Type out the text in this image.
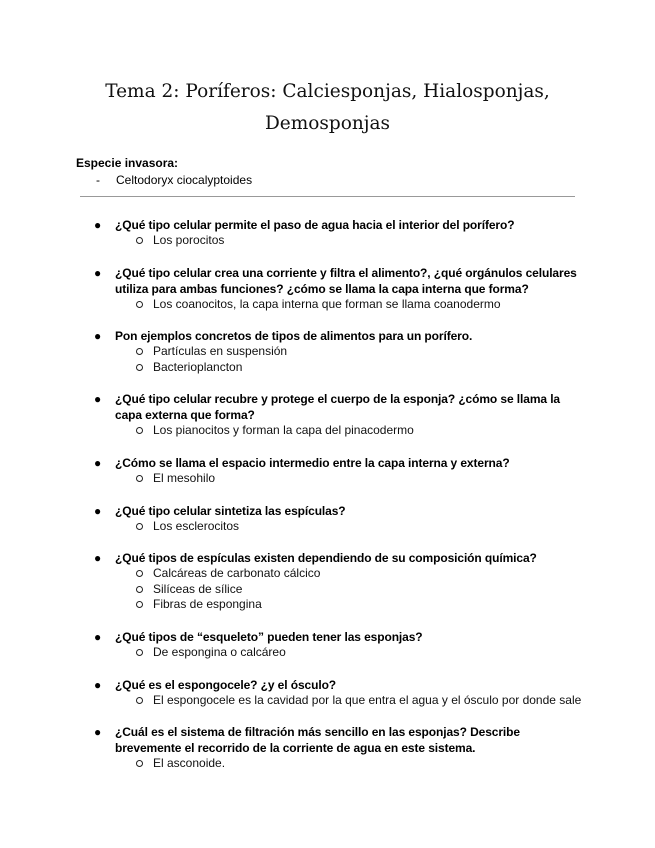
Tema 2: Poríferos: Calciesponjas, Hialosponjas,
Demosponjas
Especie invasora:
- Celtodoryx ciocalyptoides
● ¿Qué tipo celular permite el paso de agua hacia el interior del porífero?
Los porocitos
● ¿Qué tipo celular crea una corriente y filtra el alimento?, ¿qué orgánulos celulares utiliza para ambas funciones? ¿cómo se llama la capa interna que forma?
Los coanocitos, la capa interna que forman se llama coanodermo
● Pon ejemplos concretos de tipos de alimentos para un porífero.
Partículas en suspensión
Bacterioplancton
● ¿Qué tipo celular recubre y protege el cuerpo de la esponja? ¿cómo se llama la capa externa que forma?
Los pianocitos y forman la capa del pinacodermo
● ¿Cómo se llama el espacio intermedio entre la capa interna y externa?
El mesohilo
● ¿Qué tipo celular sintetiza las espículas?
Los esclerocitos
● ¿Qué tipos de espículas existen dependiendo de su composición química?
Calcáreas de carbonato cálcico
Silíceas de sílice
Fibras de espongina
● ¿Qué tipos de “esqueleto” pueden tener las esponjas?
De espongina o calcáreo
● ¿Qué es el espongocele? ¿y el ósculo?
El espongocele es la cavidad por la que entra el agua y el ósculo por donde sale
● ¿Cuál es el sistema de filtración más sencillo en las esponjas? Describe brevemente el recorrido de la corriente de agua en este sistema.
El asconoide.
